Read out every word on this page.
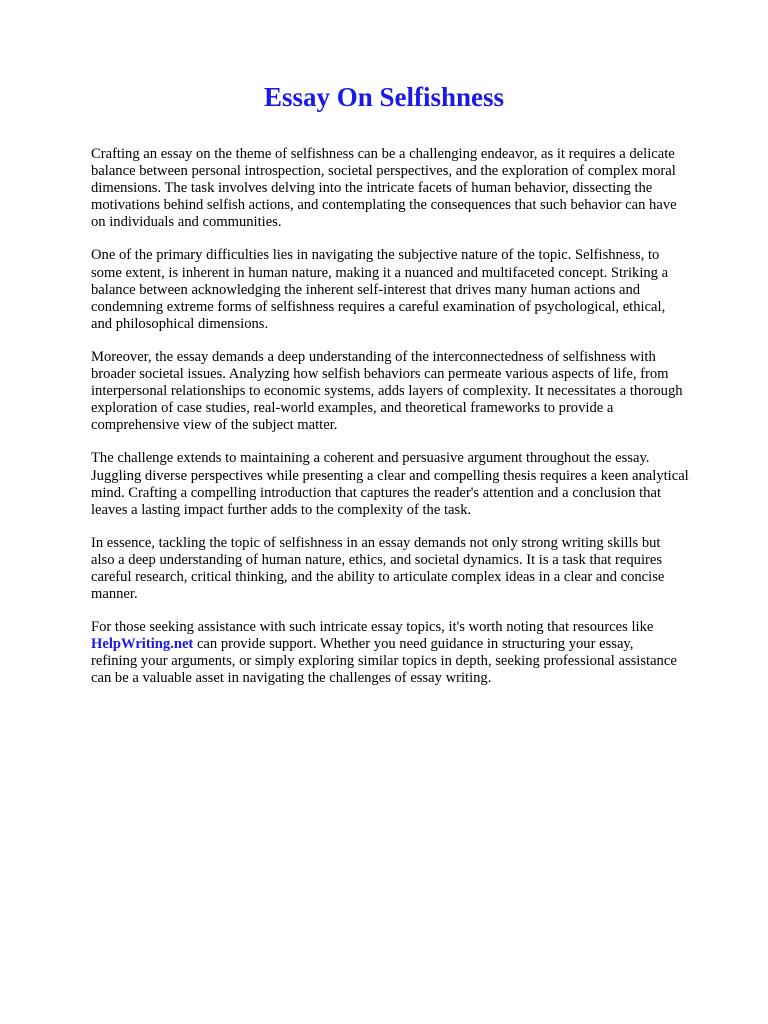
Essay On Selfishness

Crafting an essay on the theme of selfishness can be a challenging endeavor, as it requires a delicate
balance between personal introspection, societal perspectives, and the exploration of complex moral
dimensions. The task involves delving into the intricate facets of human behavior, dissecting the
motivations behind selfish actions, and contemplating the consequences that such behavior can have
on individuals and communities.

One of the primary difficulties lies in navigating the subjective nature of the topic. Selfishness, to
some extent, is inherent in human nature, making it a nuanced and multifaceted concept. Striking a
balance between acknowledging the inherent self-interest that drives many human actions and
condemning extreme forms of selfishness requires a careful examination of psychological, ethical,
and philosophical dimensions.

Moreover, the essay demands a deep understanding of the interconnectedness of selfishness with
broader societal issues. Analyzing how selfish behaviors can permeate various aspects of life, from
interpersonal relationships to economic systems, adds layers of complexity. It necessitates a thorough
exploration of case studies, real-world examples, and theoretical frameworks to provide a
comprehensive view of the subject matter.

The challenge extends to maintaining a coherent and persuasive argument throughout the essay.
Juggling diverse perspectives while presenting a clear and compelling thesis requires a keen analytical
mind. Crafting a compelling introduction that captures the reader's attention and a conclusion that
leaves a lasting impact further adds to the complexity of the task.

In essence, tackling the topic of selfishness in an essay demands not only strong writing skills but
also a deep understanding of human nature, ethics, and societal dynamics. It is a task that requires
careful research, critical thinking, and the ability to articulate complex ideas in a clear and concise
manner.

For those seeking assistance with such intricate essay topics, it's worth noting that resources like
HelpWriting.net can provide support. Whether you need guidance in structuring your essay,
refining your arguments, or simply exploring similar topics in depth, seeking professional assistance
can be a valuable asset in navigating the challenges of essay writing.
